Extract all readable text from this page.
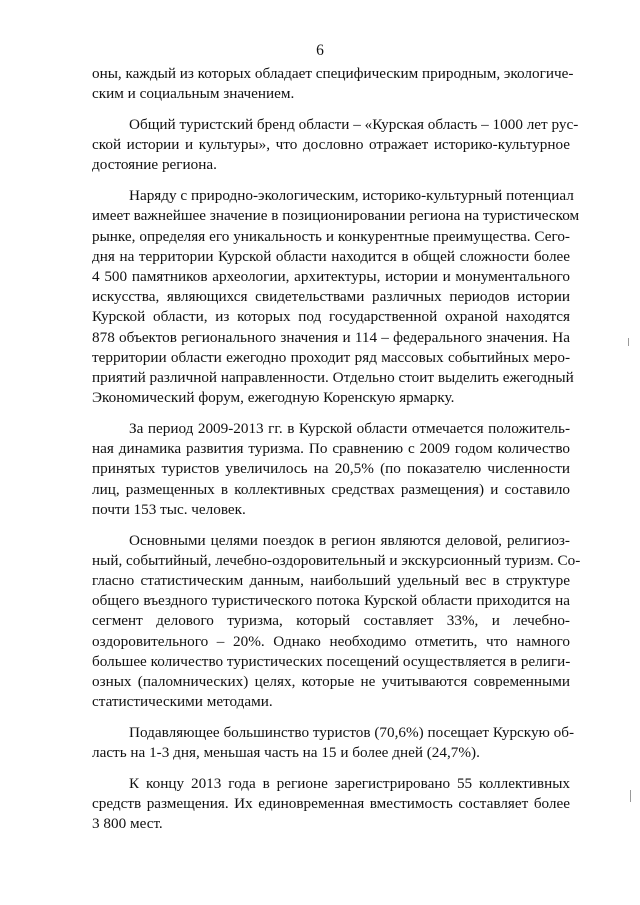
6
оны, каждый из которых обладает специфическим природным, экологиче-
ским и социальным значением.
Общий туристский бренд области – «Курская область – 1000 лет рус-
ской истории и культуры», что дословно отражает историко-культурное
достояние региона.
Наряду с природно-экологическим, историко-культурный потенциал
имеет важнейшее значение в позиционировании региона на туристическом
рынке, определяя его уникальность и конкурентные преимущества. Сего-
дня на территории Курской области находится в общей сложности более
4 500 памятников археологии, архитектуры, истории и монументального
искусства, являющихся свидетельствами различных периодов истории
Курской области, из которых под государственной охраной находятся
878 объектов регионального значения и 114 – федерального значения. На
территории области ежегодно проходит ряд массовых событийных меро-
приятий различной направленности. Отдельно стоит выделить ежегодный
Экономический форум, ежегодную Коренскую ярмарку.
За период 2009-2013 гг. в Курской области отмечается положитель-
ная динамика развития туризма. По сравнению с 2009 годом количество
принятых туристов увеличилось на 20,5% (по показателю численности
лиц, размещенных в коллективных средствах размещения) и составило
почти 153 тыс. человек.
Основными целями поездок в регион являются деловой, религиоз-
ный, событийный, лечебно-оздоровительный и экскурсионный туризм. Со-
гласно статистическим данным, наибольший удельный вес в структуре
общего въездного туристического потока Курской области приходится на
сегмент делового туризма, который составляет 33%, и лечебно-
оздоровительного – 20%. Однако необходимо отметить, что намного
большее количество туристических посещений осуществляется в религи-
озных (паломнических) целях, которые не учитываются современными
статистическими методами.
Подавляющее большинство туристов (70,6%) посещает Курскую об-
ласть на 1-3 дня, меньшая часть на 15 и более дней (24,7%).
К концу 2013 года в регионе зарегистрировано 55 коллективных
средств размещения. Их единовременная вместимость составляет более
3 800 мест.
